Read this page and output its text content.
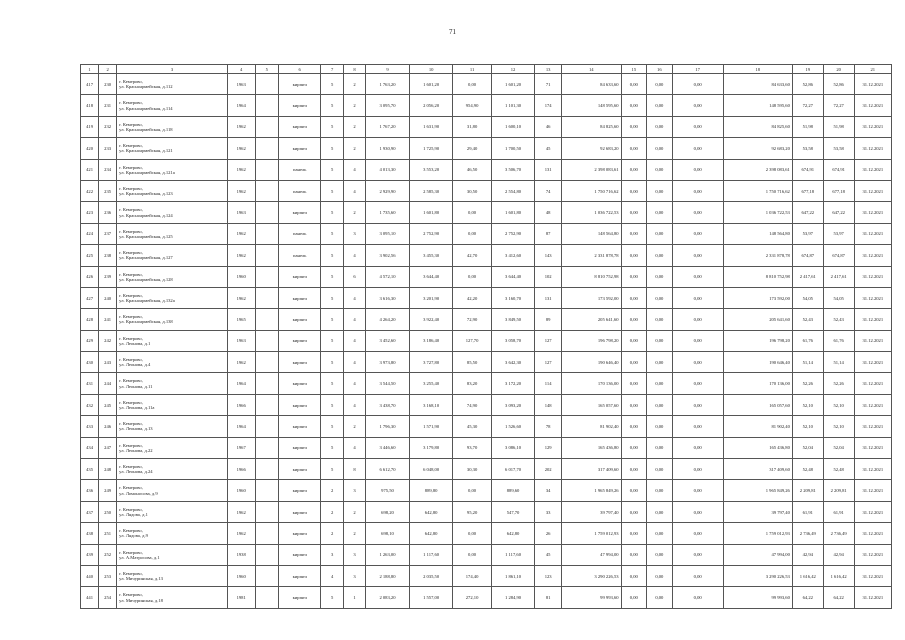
71
1	2	3	4	5	6	7	8	9	10	11	12	13	14	15	16	17	18	19	20	21
417	230	г. Кемерово,
ул. Красноармейская, д.112	1963		кирпич	5	2	1 763,20	1 601,20	0,00	1 601,20	71	84 633,60	0,00	0,00	0,00	84 633,60	52,86	52,86	31.12.2021
418	231	г. Кемерово,
ул. Красноармейская, д.114	1964		кирпич	5	2	3 095,70	2 056,20	954,90	1 101,30	174	148 595,60	0,00	0,00	0,00	148 595,60	72,27	72,27	31.12.2021
419	232	г. Кемерово,
ул. Красноармейская, д.118	1962		кирпич	5	2	1 767,20	1 631,90	31,80	1 600,10	46	84 825,60	0,00	0,00	0,00	84 825,60	51,98	51,98	31.12.2021
420	233	г. Кемерово,
ул. Красноармейская, д.121	1962		кирпич	5	2	1 930,90	1 725,90	29,40	1 700,50	45	92 683,20	0,00	0,00	0,00	92 683,20	53,58	53,58	31.12.2021
421	234	г. Кемерово,
ул. Красноармейская, д.121а	1962		панель	5	4	4 013,30	3 553,20	46,50	3 506,70	131	2 398 083,61	0,00	0,00	0,00	2 398 083,61	674,91	674,91	31.12.2021
422	235	г. Кемерово,
ул. Красноармейская, д.123	1962		панель	5	4	2 929,90	2 585,30	30,50	2 554,80	74	1 750 716,62	0,00	0,00	0,00	1 750 716,62	677,18	677,18	31.12.2021
423	236	г. Кемерово,
ул. Красноармейская, д.124	1963		кирпич	5	2	1 735,60	1 601,80	0,00	1 601,80	48	1 036 722,53	0,00	0,00	0,00	1 036 722,53	647,22	647,22	31.12.2021
424	237	г. Кемерово,
ул. Красноармейская, д.125	1962		панель	5	3	3 095,10	2 752,90	0,00	2 752,90	87	148 564,80	0,00	0,00	0,00	148 564,80	53,97	53,97	31.12.2021
425	238	г. Кемерово,
ул. Красноармейская, д.127	1962		панель	5	4	3 902,56	3 455,30	42,70	3 412,60	143	2 331 878,78	0,00	0,00	0,00	2 331 878,78	674,87	674,87	31.12.2021
426	239	г. Кемерово,
ул. Красноармейская, д.128	1960		кирпич	5	6	4 572,10	3 644,40	0,00	3 644,40	102	8 810 752,98	0,00	0,00	0,00	8 810 752,98	2 417,61	2 417,61	31.12.2021
427	240	г. Кемерово,
ул. Красноармейская, д.132а	1962		кирпич	5	4	3 616,30	3 201,90	42,20	3 160,70	131	173 592,00	0,00	0,00	0,00	173 592,00	54,05	54,05	31.12.2021
428	241	г. Кемерово,
ул. Красноармейская, д.138	1965		кирпич	5	4	4 264,20	3 922,40	72,90	3 849,50	89	205 641,60	0,00	0,00	0,00	205 641,60	52,43	52,43	31.12.2021
429	242	г. Кемерово,
ул. Леонова, д.1	1963		кирпич	5	4	3 452,60	3 186,40	127,70	3 058,70	127	196 798,20	0,00	0,00	0,00	196 798,20	61,76	61,76	31.12.2021
430	243	г. Кемерово,
ул. Леонова, д.4	1962		кирпич	5	4	3 973,80	3 727,80	85,50	3 642,30	127	190 646,40	0,00	0,00	0,00	190 646,40	51,14	51,14	31.12.2021
431	244	г. Кемерово,
ул. Леонова, д.11	1964		кирпич	5	4	3 544,50	3 255,40	83,20	3 172,20	114	170 136,00	0,00	0,00	0,00	170 136,00	52,26	52,26	31.12.2021
432	245	г. Кемерово,
ул. Леонова, д.11а	1966		кирпич	5	4	3 438,70	3 168,10	74,90	3 093,20	148	165 057,60	0,00	0,00	0,00	165 057,60	52,10	52,10	31.12.2021
433	246	г. Кемерово,
ул. Леонова, д.13	1964		кирпич	5	2	1 796,30	1 571,90	45,30	1 526,60	78	81 902,40	0,00	0,00	0,00	81 902,40	52,10	52,10	31.12.2021
434	247	г. Кемерово,
ул. Леонова, д.22	1967		кирпич	5	4	3 446,60	3 179,80	93,70	3 086,10	129	165 436,80	0,00	0,00	0,00	165 436,80	52,04	52,04	31.12.2021
435	248	г. Кемерово,
ул. Леонова, д.24	1966		кирпич	5	8	6 612,70	6 048,00	30,30	6 017,70	202	317 409,60	0,00	0,00	0,00	317 409,60	52,48	52,48	31.12.2021
436	249	г. Кемерово,
ул. Ломоносова, д.9	1960		кирпич	2	3	975,50	889,80	0,00	889,60	34	1 965 849,26	0,00	0,00	0,00	1 965 849,26	2 209,81	2 209,81	31.12.2021
437	250	г. Кемерово,
ул. Лядова, д.1	1962		кирпич	2	2	698,20	642,80	95,20	547,70	33	39 797,40	0,00	0,00	0,00	39 797,40	61,91	61,91	31.12.2021
438	251	г. Кемерово,
ул. Лядова, д.9	1962		кирпич	2	2	698,10	642,80	0,00	642,80	26	1 759 012,93	0,00	0,00	0,00	1 759 012,93	2 736,49	2 736,49	31.12.2021
439	252	г. Кемерово,
ул. А.Матросова, д.1	1938		кирпич	3	3	1 263,00	1 117,60	0,00	1 117,60	45	47 994,00	0,00	0,00	0,00	47 994,00	42,94	42,94	31.12.2021
440	253	г. Кемерово,
ул. Мичуринская, д.13	1960		кирпич	4	3	2 188,80	2 035,50	174,40	1 861,10	123	3 290 226,53	0,00	0,00	0,00	3 290 226,53	1 616,42	1 616,42	31.12.2021
441	254	г. Кемерово,
ул. Мичуринская, д.18	1981		кирпич	5	1	2 083,20	1 557,00	272,10	1 284,90	81	99 993,60	0,00	0,00	0,00	99 993,60	64,22	64,22	31.12.2021
